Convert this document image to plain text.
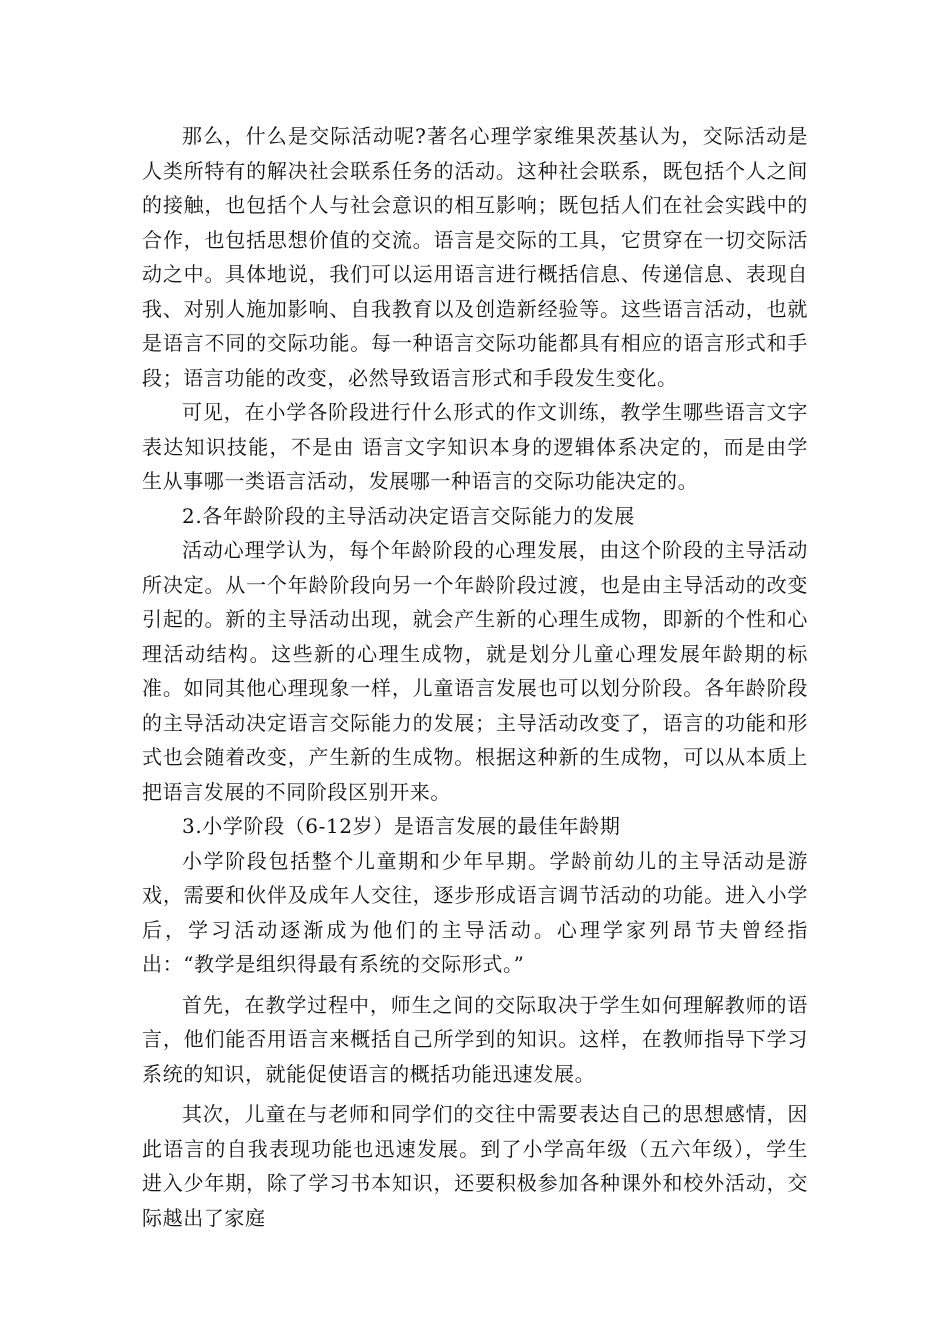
那么，什么是交际活动呢?著名心理学家维果茨基认为，交际活动是人类所特有的解决社会联系任务的活动。这种社会联系，既包括个人之间的接触，也包括个人与社会意识的相互影响；既包括人们在社会实践中的合作，也包括思想价值的交流。语言是交际的工具，它贯穿在一切交际活动之中。具体地说，我们可以运用语言进行概括信息、传递信息、表现自我、对别人施加影响、自我教育以及创造新经验等。这些语言活动，也就是语言不同的交际功能。每一种语言交际功能都具有相应的语言形式和手段；语言功能的改变，必然导致语言形式和手段发生变化。

可见，在小学各阶段进行什么形式的作文训练，教学生哪些语言文字表达知识技能，不是由 语言文字知识本身的逻辑体系决定的，而是由学生从事哪一类语言活动，发展哪一种语言的交际功能决定的。

2.各年龄阶段的主导活动决定语言交际能力的发展

活动心理学认为，每个年龄阶段的心理发展，由这个阶段的主导活动所决定。从一个年龄阶段向另一个年龄阶段过渡，也是由主导活动的改变引起的。新的主导活动出现，就会产生新的心理生成物，即新的个性和心理活动结构。这些新的心理生成物，就是划分儿童心理发展年龄期的标准。如同其他心理现象一样，儿童语言发展也可以划分阶段。各年龄阶段的主导活动决定语言交际能力的发展；主导活动改变了，语言的功能和形式也会随着改变，产生新的生成物。根据这种新的生成物，可以从本质上把语言发展的不同阶段区别开来。

3.小学阶段（6-12岁）是语言发展的最佳年龄期

小学阶段包括整个儿童期和少年早期。学龄前幼儿的主导活动是游戏，需要和伙伴及成年人交往，逐步形成语言调节活动的功能。进入小学后，学习活动逐渐成为他们的主导活动。心理学家列昂节夫曾经指出：“教学是组织得最有系统的交际形式。”

首先，在教学过程中，师生之间的交际取决于学生如何理解教师的语言，他们能否用语言来概括自己所学到的知识。这样，在教师指导下学习系统的知识，就能促使语言的概括功能迅速发展。

其次，儿童在与老师和同学们的交往中需要表达自己的思想感情，因此语言的自我表现功能也迅速发展。到了小学高年级（五六年级），学生进入少年期，除了学习书本知识，还要积极参加各种课外和校外活动，交际越出了家庭
